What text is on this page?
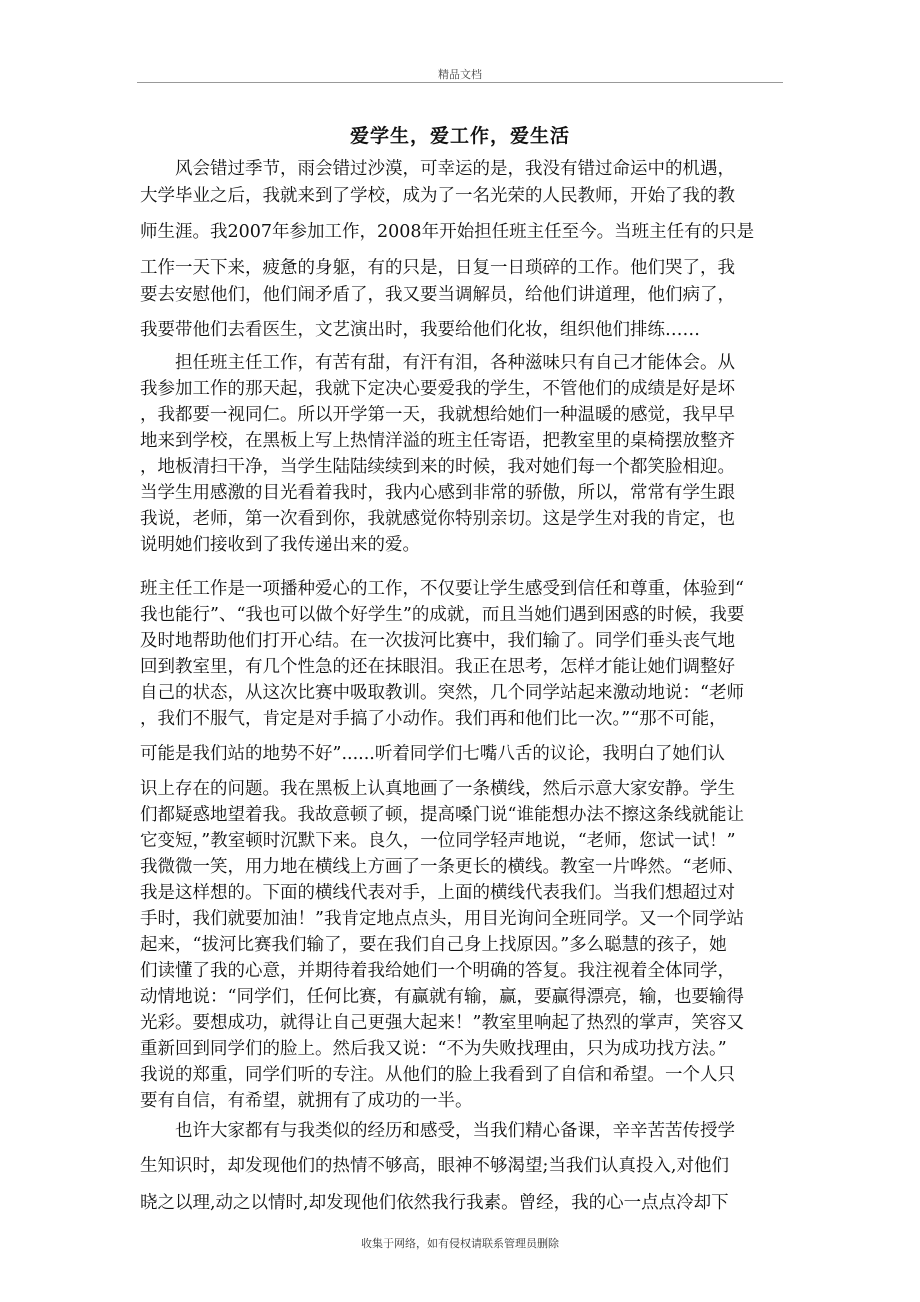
精品文档
爱学生，爱工作，爱生活
　　风会错过季节，雨会错过沙漠，可幸运的是，我没有错过命运中的机遇，
大学毕业之后，我就来到了学校，成为了一名光荣的人民教师，开始了我的教
师生涯。我2007年参加工作，2008年开始担任班主任至今。当班主任有的只是
工作一天下来，疲惫的身躯，有的只是，日复一日琐碎的工作。他们哭了，我
要去安慰他们，他们闹矛盾了，我又要当调解员，给他们讲道理，他们病了，
我要带他们去看医生，文艺演出时，我要给他们化妆，组织他们排练……
　　担任班主任工作，有苦有甜，有汗有泪，各种滋味只有自己才能体会。从
我参加工作的那天起，我就下定决心要爱我的学生，不管他们的成绩是好是坏
，我都要一视同仁。所以开学第一天，我就想给她们一种温暖的感觉，我早早
地来到学校，在黑板上写上热情洋溢的班主任寄语，把教室里的桌椅摆放整齐
，地板清扫干净，当学生陆陆续续到来的时候，我对她们每一个都笑脸相迎。
当学生用感激的目光看着我时，我内心感到非常的骄傲，所以，常常有学生跟
我说，老师，第一次看到你，我就感觉你特别亲切。这是学生对我的肯定，也
说明她们接收到了我传递出来的爱。
班主任工作是一项播种爱心的工作，不仅要让学生感受到信任和尊重，体验到“
我也能行”、“我也可以做个好学生”的成就，而且当她们遇到困惑的时候，我要
及时地帮助他们打开心结。在一次拔河比赛中，我们输了。同学们垂头丧气地
回到教室里，有几个性急的还在抹眼泪。我正在思考，怎样才能让她们调整好
自己的状态，从这次比赛中吸取教训。突然，几个同学站起来激动地说：“老师
，我们不服气，肯定是对手搞了小动作。我们再和他们比一次。”“那不可能，
可能是我们站的地势不好”......听着同学们七嘴八舌的议论，我明白了她们认
识上存在的问题。我在黑板上认真地画了一条横线，然后示意大家安静。学生
们都疑惑地望着我。我故意顿了顿，提高嗓门说“谁能想办法不擦这条线就能让
它变短，”教室顿时沉默下来。良久，一位同学轻声地说，“老师，您试一试！”
我微微一笑，用力地在横线上方画了一条更长的横线。教室一片哗然。“老师、
我是这样想的。下面的横线代表对手，上面的横线代表我们。当我们想超过对
手时，我们就要加油！”我肯定地点点头，用目光询问全班同学。又一个同学站
起来，“拔河比赛我们输了，要在我们自己身上找原因。”多么聪慧的孩子，她
们读懂了我的心意，并期待着我给她们一个明确的答复。我注视着全体同学，
动情地说：“同学们，任何比赛，有赢就有输，赢，要赢得漂亮，输，也要输得
光彩。要想成功，就得让自己更强大起来！”教室里响起了热烈的掌声，笑容又
重新回到同学们的脸上。然后我又说：“不为失败找理由，只为成功找方法。”
我说的郑重，同学们听的专注。从他们的脸上我看到了自信和希望。一个人只
要有自信，有希望，就拥有了成功的一半。
　　也许大家都有与我类似的经历和感受，当我们精心备课，辛辛苦苦传授学
生知识时，却发现他们的热情不够高，眼神不够渴望;当我们认真投入,对他们
晓之以理,动之以情时,却发现他们依然我行我素。曾经，我的心一点点冷却下
收集于网络，如有侵权请联系管理员删除
